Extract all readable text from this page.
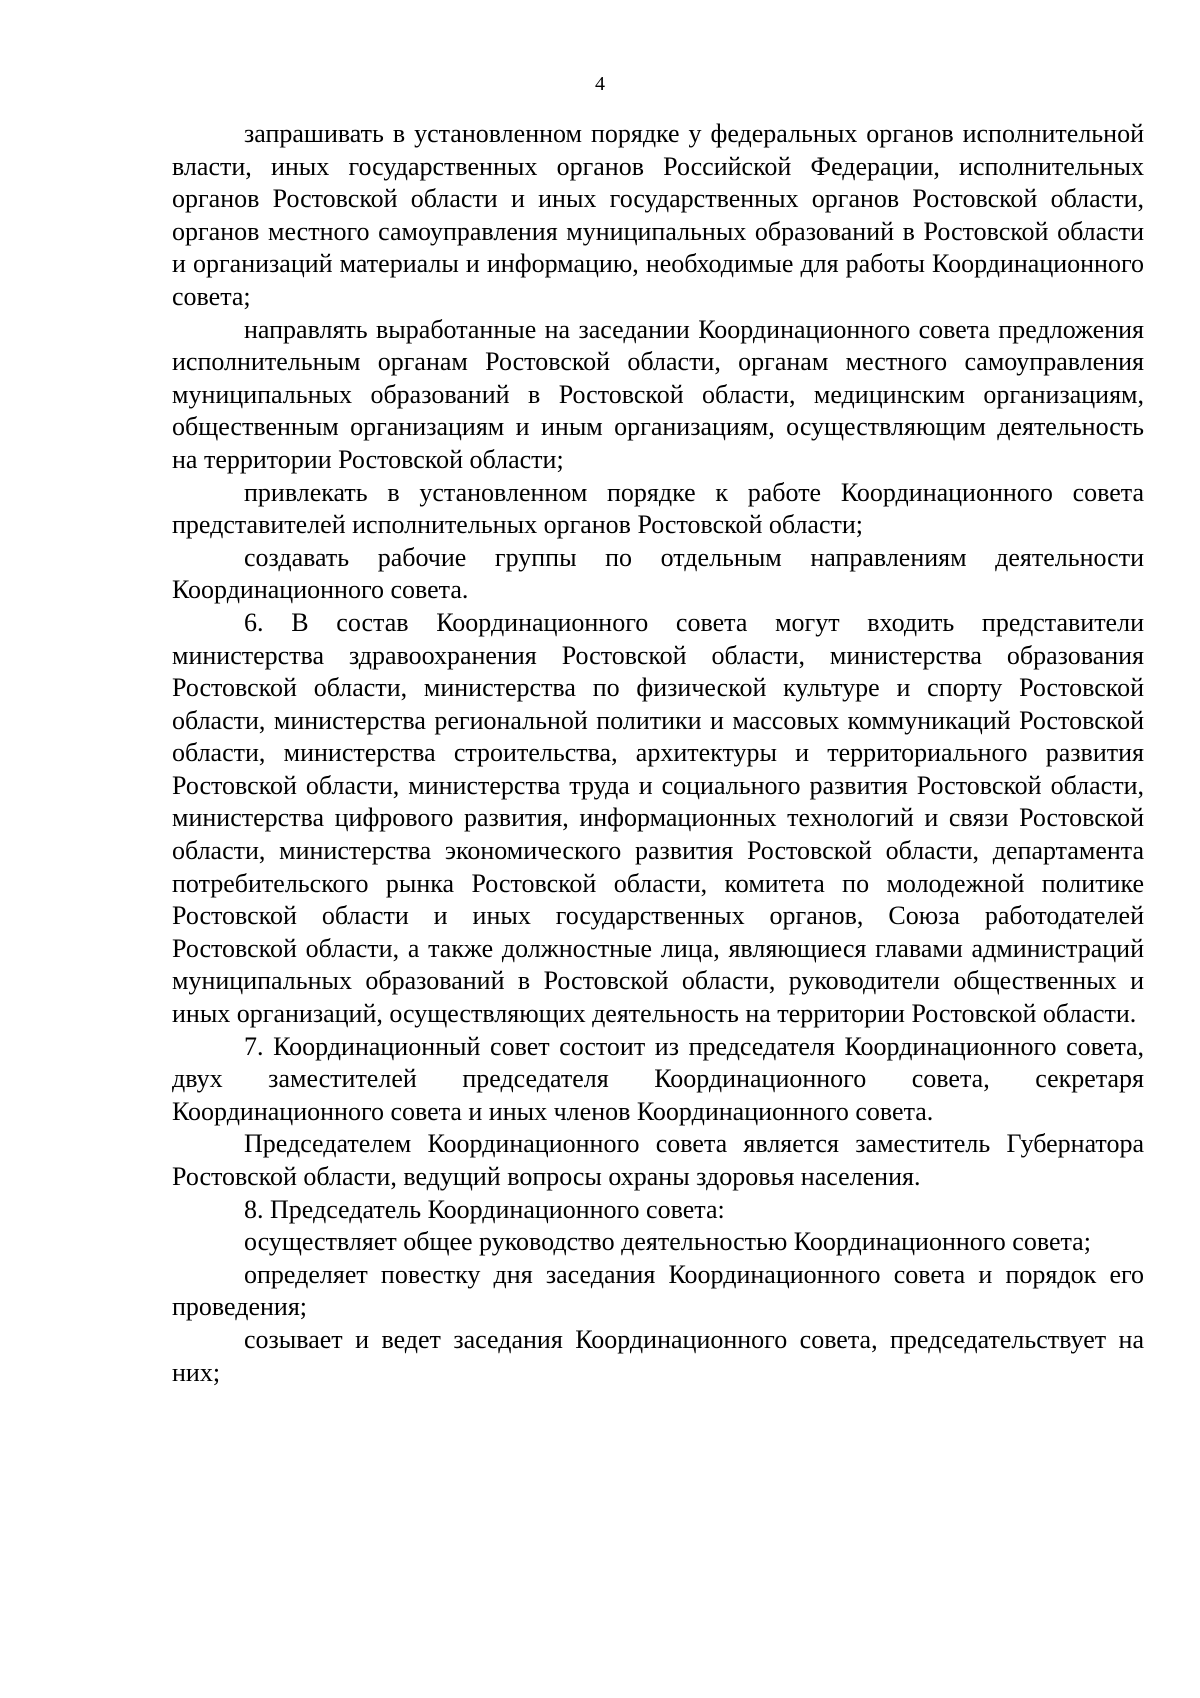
4

запрашивать в установленном порядке у федеральных органов исполнительной власти, иных государственных органов Российской Федерации, исполнительных органов Ростовской области и иных государственных органов Ростовской области, органов местного самоуправления муниципальных образований в Ростовской области и организаций материалы и информацию, необходимые для работы Координационного совета;

направлять выработанные на заседании Координационного совета предложения исполнительным органам Ростовской области, органам местного самоуправления муниципальных образований в Ростовской области, медицинским организациям, общественным организациям и иным организациям, осуществляющим деятельность на территории Ростовской области;

привлекать в установленном порядке к работе Координационного совета представителей исполнительных органов Ростовской области;

создавать рабочие группы по отдельным направлениям деятельности Координационного совета.

6. В состав Координационного совета могут входить представители министерства здравоохранения Ростовской области, министерства образования Ростовской области, министерства по физической культуре и спорту Ростовской области, министерства региональной политики и массовых коммуникаций Ростовской области, министерства строительства, архитектуры и территориального развития Ростовской области, министерства труда и социального развития Ростовской области, министерства цифрового развития, информационных технологий и связи Ростовской области, министерства экономического развития Ростовской области, департамента потребительского рынка Ростовской области, комитета по молодежной политике Ростовской области и иных государственных органов, Союза работодателей Ростовской области, а также должностные лица, являющиеся главами администраций муниципальных образований в Ростовской области, руководители общественных и иных организаций, осуществляющих деятельность на территории Ростовской области.

7. Координационный совет состоит из председателя Координационного совета, двух заместителей председателя Координационного совета, секретаря Координационного совета и иных членов Координационного совета.

Председателем Координационного совета является заместитель Губернатора Ростовской области, ведущий вопросы охраны здоровья населения.

8. Председатель Координационного совета:

осуществляет общее руководство деятельностью Координационного совета;

определяет повестку дня заседания Координационного совета и порядок его проведения;

созывает и ведет заседания Координационного совета, председательствует на них;
